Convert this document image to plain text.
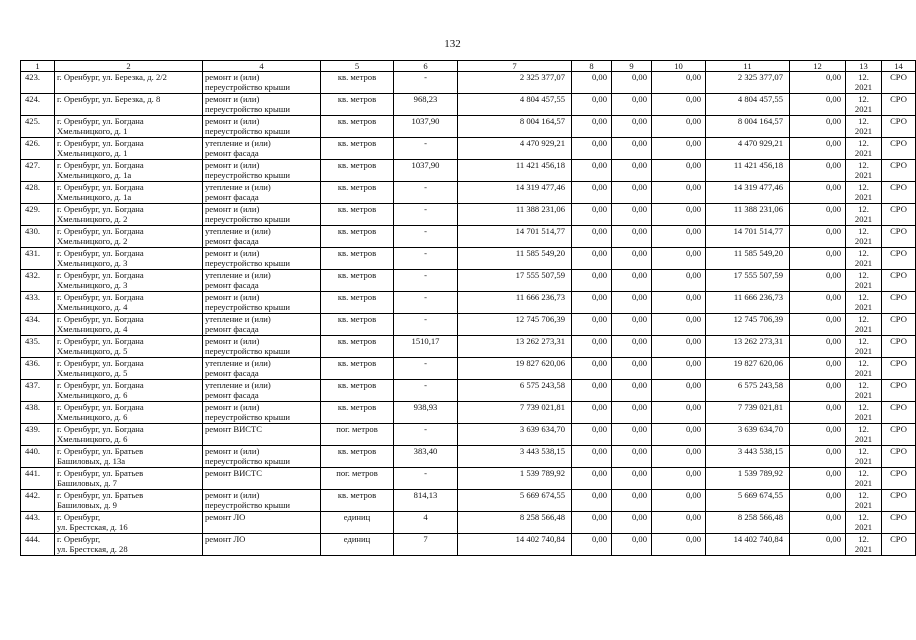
132
1	2	4	5	6	7	8	9	10	11	12	13	14
423.	г. Оренбург, ул. Березка, д. 2/2	ремонт и (или)
переустройство крыши	кв. метров	-	2 325 377,07	0,00	0,00	0,00	2 325 377,07	0,00	12.
2021	СРО
424.	г. Оренбург, ул. Березка, д. 8	ремонт и (или)
переустройство крыши	кв. метров	968,23	4 804 457,55	0,00	0,00	0,00	4 804 457,55	0,00	12.
2021	СРО
425.	г. Оренбург, ул. Богдана
Хмельницкого, д. 1	ремонт и (или)
переустройство крыши	кв. метров	1037,90	8 004 164,57	0,00	0,00	0,00	8 004 164,57	0,00	12.
2021	СРО
426.	г. Оренбург, ул. Богдана
Хмельницкого, д. 1	утепление и (или)
ремонт фасада	кв. метров	-	4 470 929,21	0,00	0,00	0,00	4 470 929,21	0,00	12.
2021	СРО
427.	г. Оренбург, ул. Богдана
Хмельницкого, д. 1а	ремонт и (или)
переустройство крыши	кв. метров	1037,90	11 421 456,18	0,00	0,00	0,00	11 421 456,18	0,00	12.
2021	СРО
428.	г. Оренбург, ул. Богдана
Хмельницкого, д. 1а	утепление и (или)
ремонт фасада	кв. метров	-	14 319 477,46	0,00	0,00	0,00	14 319 477,46	0,00	12.
2021	СРО
429.	г. Оренбург, ул. Богдана
Хмельницкого, д. 2	ремонт и (или)
переустройство крыши	кв. метров	-	11 388 231,06	0,00	0,00	0,00	11 388 231,06	0,00	12.
2021	СРО
430.	г. Оренбург, ул. Богдана
Хмельницкого, д. 2	утепление и (или)
ремонт фасада	кв. метров	-	14 701 514,77	0,00	0,00	0,00	14 701 514,77	0,00	12.
2021	СРО
431.	г. Оренбург, ул. Богдана
Хмельницкого, д. 3	ремонт и (или)
переустройство крыши	кв. метров	-	11 585 549,20	0,00	0,00	0,00	11 585 549,20	0,00	12.
2021	СРО
432.	г. Оренбург, ул. Богдана
Хмельницкого, д. 3	утепление и (или)
ремонт фасада	кв. метров	-	17 555 507,59	0,00	0,00	0,00	17 555 507,59	0,00	12.
2021	СРО
433.	г. Оренбург, ул. Богдана
Хмельницкого, д. 4	ремонт и (или)
переустройство крыши	кв. метров	-	11 666 236,73	0,00	0,00	0,00	11 666 236,73	0,00	12.
2021	СРО
434.	г. Оренбург, ул. Богдана
Хмельницкого, д. 4	утепление и (или)
ремонт фасада	кв. метров	-	12 745 706,39	0,00	0,00	0,00	12 745 706,39	0,00	12.
2021	СРО
435.	г. Оренбург, ул. Богдана
Хмельницкого, д. 5	ремонт и (или)
переустройство крыши	кв. метров	1510,17	13 262 273,31	0,00	0,00	0,00	13 262 273,31	0,00	12.
2021	СРО
436.	г. Оренбург, ул. Богдана
Хмельницкого, д. 5	утепление и (или)
ремонт фасада	кв. метров	-	19 827 620,06	0,00	0,00	0,00	19 827 620,06	0,00	12.
2021	СРО
437.	г. Оренбург, ул. Богдана
Хмельницкого, д. 6	утепление и (или)
ремонт фасада	кв. метров	-	6 575 243,58	0,00	0,00	0,00	6 575 243,58	0,00	12.
2021	СРО
438.	г. Оренбург, ул. Богдана
Хмельницкого, д. 6	ремонт и (или)
переустройство крыши	кв. метров	938,93	7 739 021,81	0,00	0,00	0,00	7 739 021,81	0,00	12.
2021	СРО
439.	г. Оренбург, ул. Богдана
Хмельницкого, д. 6	ремонт ВИСТС	пог. метров	-	3 639 634,70	0,00	0,00	0,00	3 639 634,70	0,00	12.
2021	СРО
440.	г. Оренбург, ул. Братьев
Башиловых, д. 13а	ремонт и (или)
переустройство крыши	кв. метров	383,40	3 443 538,15	0,00	0,00	0,00	3 443 538,15	0,00	12.
2021	СРО
441.	г. Оренбург, ул. Братьев
Башиловых, д. 7	ремонт ВИСТС	пог. метров	-	1 539 789,92	0,00	0,00	0,00	1 539 789,92	0,00	12.
2021	СРО
442.	г. Оренбург, ул. Братьев
Башиловых, д. 9	ремонт и (или)
переустройство крыши	кв. метров	814,13	5 669 674,55	0,00	0,00	0,00	5 669 674,55	0,00	12.
2021	СРО
443.	г. Оренбург,
ул. Брестская, д. 16	ремонт ЛО	единиц	4	8 258 566,48	0,00	0,00	0,00	8 258 566,48	0,00	12.
2021	СРО
444.	г. Оренбург,
ул. Брестская, д. 28	ремонт ЛО	единиц	7	14 402 740,84	0,00	0,00	0,00	14 402 740,84	0,00	12.
2021	СРО
